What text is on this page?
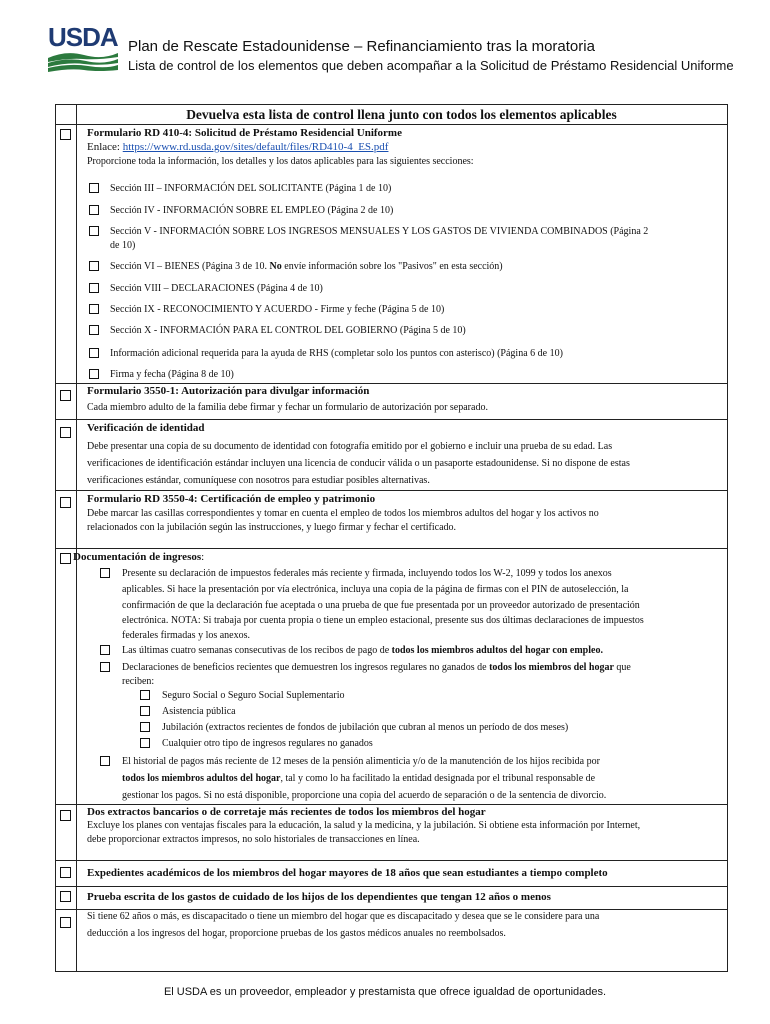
USDA Plan de Rescate Estadounidense – Refinanciamiento tras la moratoria
Lista de control de los elementos que deben acompañar a la Solicitud de Préstamo Residencial Uniforme
Devuelva esta lista de control llena junto con todos los elementos aplicables
Formulario RD 410-4: Solicitud de Préstamo Residencial Uniforme
Enlace: https://www.rd.usda.gov/sites/default/files/RD410-4_ES.pdf
Proporcione toda la información, los detalles y los datos aplicables para las siguientes secciones:
Sección III – INFORMACIÓN DEL SOLICITANTE (Página 1 de 10)
Sección IV - INFORMACIÓN SOBRE EL EMPLEO (Página 2 de 10)
Sección V - INFORMACIÓN SOBRE LOS INGRESOS MENSUALES Y LOS GASTOS DE VIVIENDA COMBINADOS (Página 2
de 10)
Sección VI – BIENES (Página 3 de 10. No envíe información sobre los "Pasivos" en esta sección)
Sección VIII – DECLARACIONES (Página 4 de 10)
Sección IX - RECONOCIMIENTO Y ACUERDO - Firme y feche (Página 5 de 10)
Sección X - INFORMACIÓN PARA EL CONTROL DEL GOBIERNO (Página 5 de 10)
Información adicional requerida para la ayuda de RHS (completar solo los puntos con asterisco) (Página 6 de 10)
Firma y fecha (Página 8 de 10)
Formulario 3550-1: Autorización para divulgar información
Cada miembro adulto de la familia debe firmar y fechar un formulario de autorización por separado.
Verificación de identidad
Debe presentar una copia de su documento de identidad con fotografía emitido por el gobierno e incluir una prueba de su edad. Las
verificaciones de identificación estándar incluyen una licencia de conducir válida o un pasaporte estadounidense. Si no dispone de estas
verificaciones estándar, comuníquese con nosotros para estudiar posibles alternativas.
Formulario RD 3550-4: Certificación de empleo y patrimonio
Debe marcar las casillas correspondientes y tomar en cuenta el empleo de todos los miembros adultos del hogar y los activos no
relacionados con la jubilación según las instrucciones, y luego firmar y fechar el certificado.
Documentación de ingresos:
Presente su declaración de impuestos federales más reciente y firmada, incluyendo todos los W-2, 1099 y todos los anexos
aplicables. Si hace la presentación por vía electrónica, incluya una copia de la página de firmas con el PIN de autoselección, la
confirmación de que la declaración fue aceptada o una prueba de que fue presentada por un proveedor autorizado de presentación
electrónica. NOTA: Si trabaja por cuenta propia o tiene un empleo estacional, presente sus dos últimas declaraciones de impuestos
federales firmadas y los anexos.
Las últimas cuatro semanas consecutivas de los recibos de pago de todos los miembros adultos del hogar con empleo.
Declaraciones de beneficios recientes que demuestren los ingresos regulares no ganados de todos los miembros del hogar que
reciben:
Seguro Social o Seguro Social Suplementario
Asistencia pública
Jubilación (extractos recientes de fondos de jubilación que cubran al menos un período de dos meses)
Cualquier otro tipo de ingresos regulares no ganados
El historial de pagos más reciente de 12 meses de la pensión alimenticia y/o de la manutención de los hijos recibida por
todos los miembros adultos del hogar, tal y como lo ha facilitado la entidad designada por el tribunal responsable de
gestionar los pagos. Si no está disponible, proporcione una copia del acuerdo de separación o de la sentencia de divorcio.
Dos extractos bancarios o de corretaje más recientes de todos los miembros del hogar
Excluye los planes con ventajas fiscales para la educación, la salud y la medicina, y la jubilación. Si obtiene esta información por Internet,
debe proporcionar extractos impresos, no solo historiales de transacciones en línea.
Expedientes académicos de los miembros del hogar mayores de 18 años que sean estudiantes a tiempo completo
Prueba escrita de los gastos de cuidado de los hijos de los dependientes que tengan 12 años o menos
Si tiene 62 años o más, es discapacitado o tiene un miembro del hogar que es discapacitado y desea que se le considere para una
deducción a los ingresos del hogar, proporcione pruebas de los gastos médicos anuales no reembolsados.
El USDA es un proveedor, empleador y prestamista que ofrece igualdad de oportunidades.
